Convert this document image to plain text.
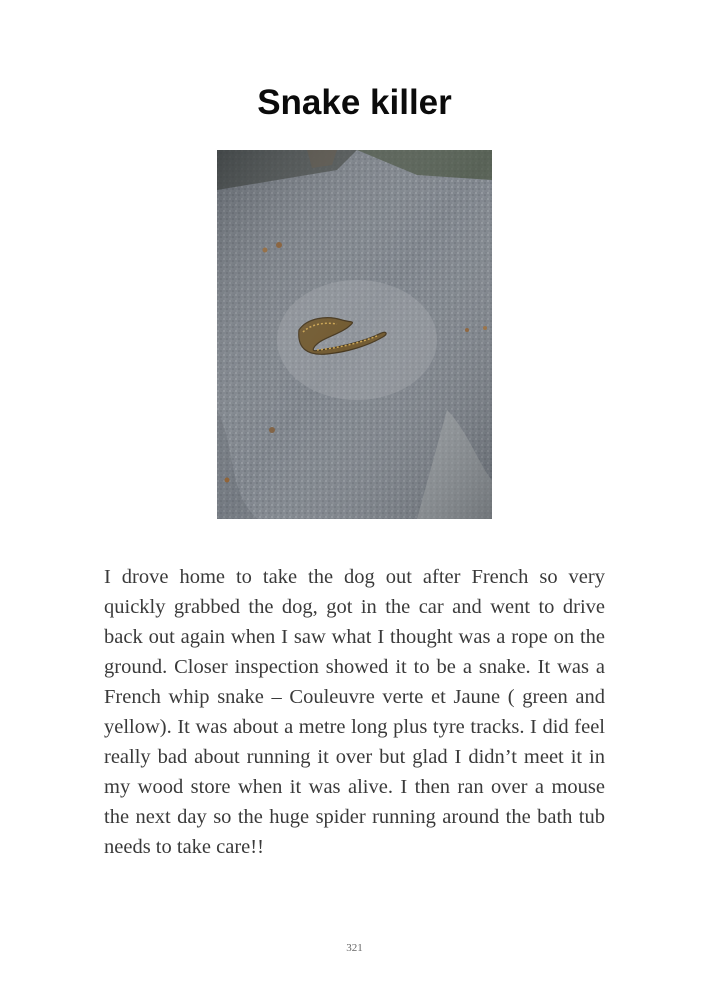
Snake killer

I drove home to take the dog out after French so very quickly grabbed the dog, got in the car and went to drive back out again when I saw what I thought was a rope on the ground. Closer inspection showed it to be a snake. It was a French whip snake – Couleuvre verte et Jaune ( green and yellow). It was about a metre long plus tyre tracks. I did feel really bad about running it over but glad I didn’t meet it in my wood store when it was alive. I then ran over a mouse the next day so the huge spider running around the bath tub needs to take care!!

321
